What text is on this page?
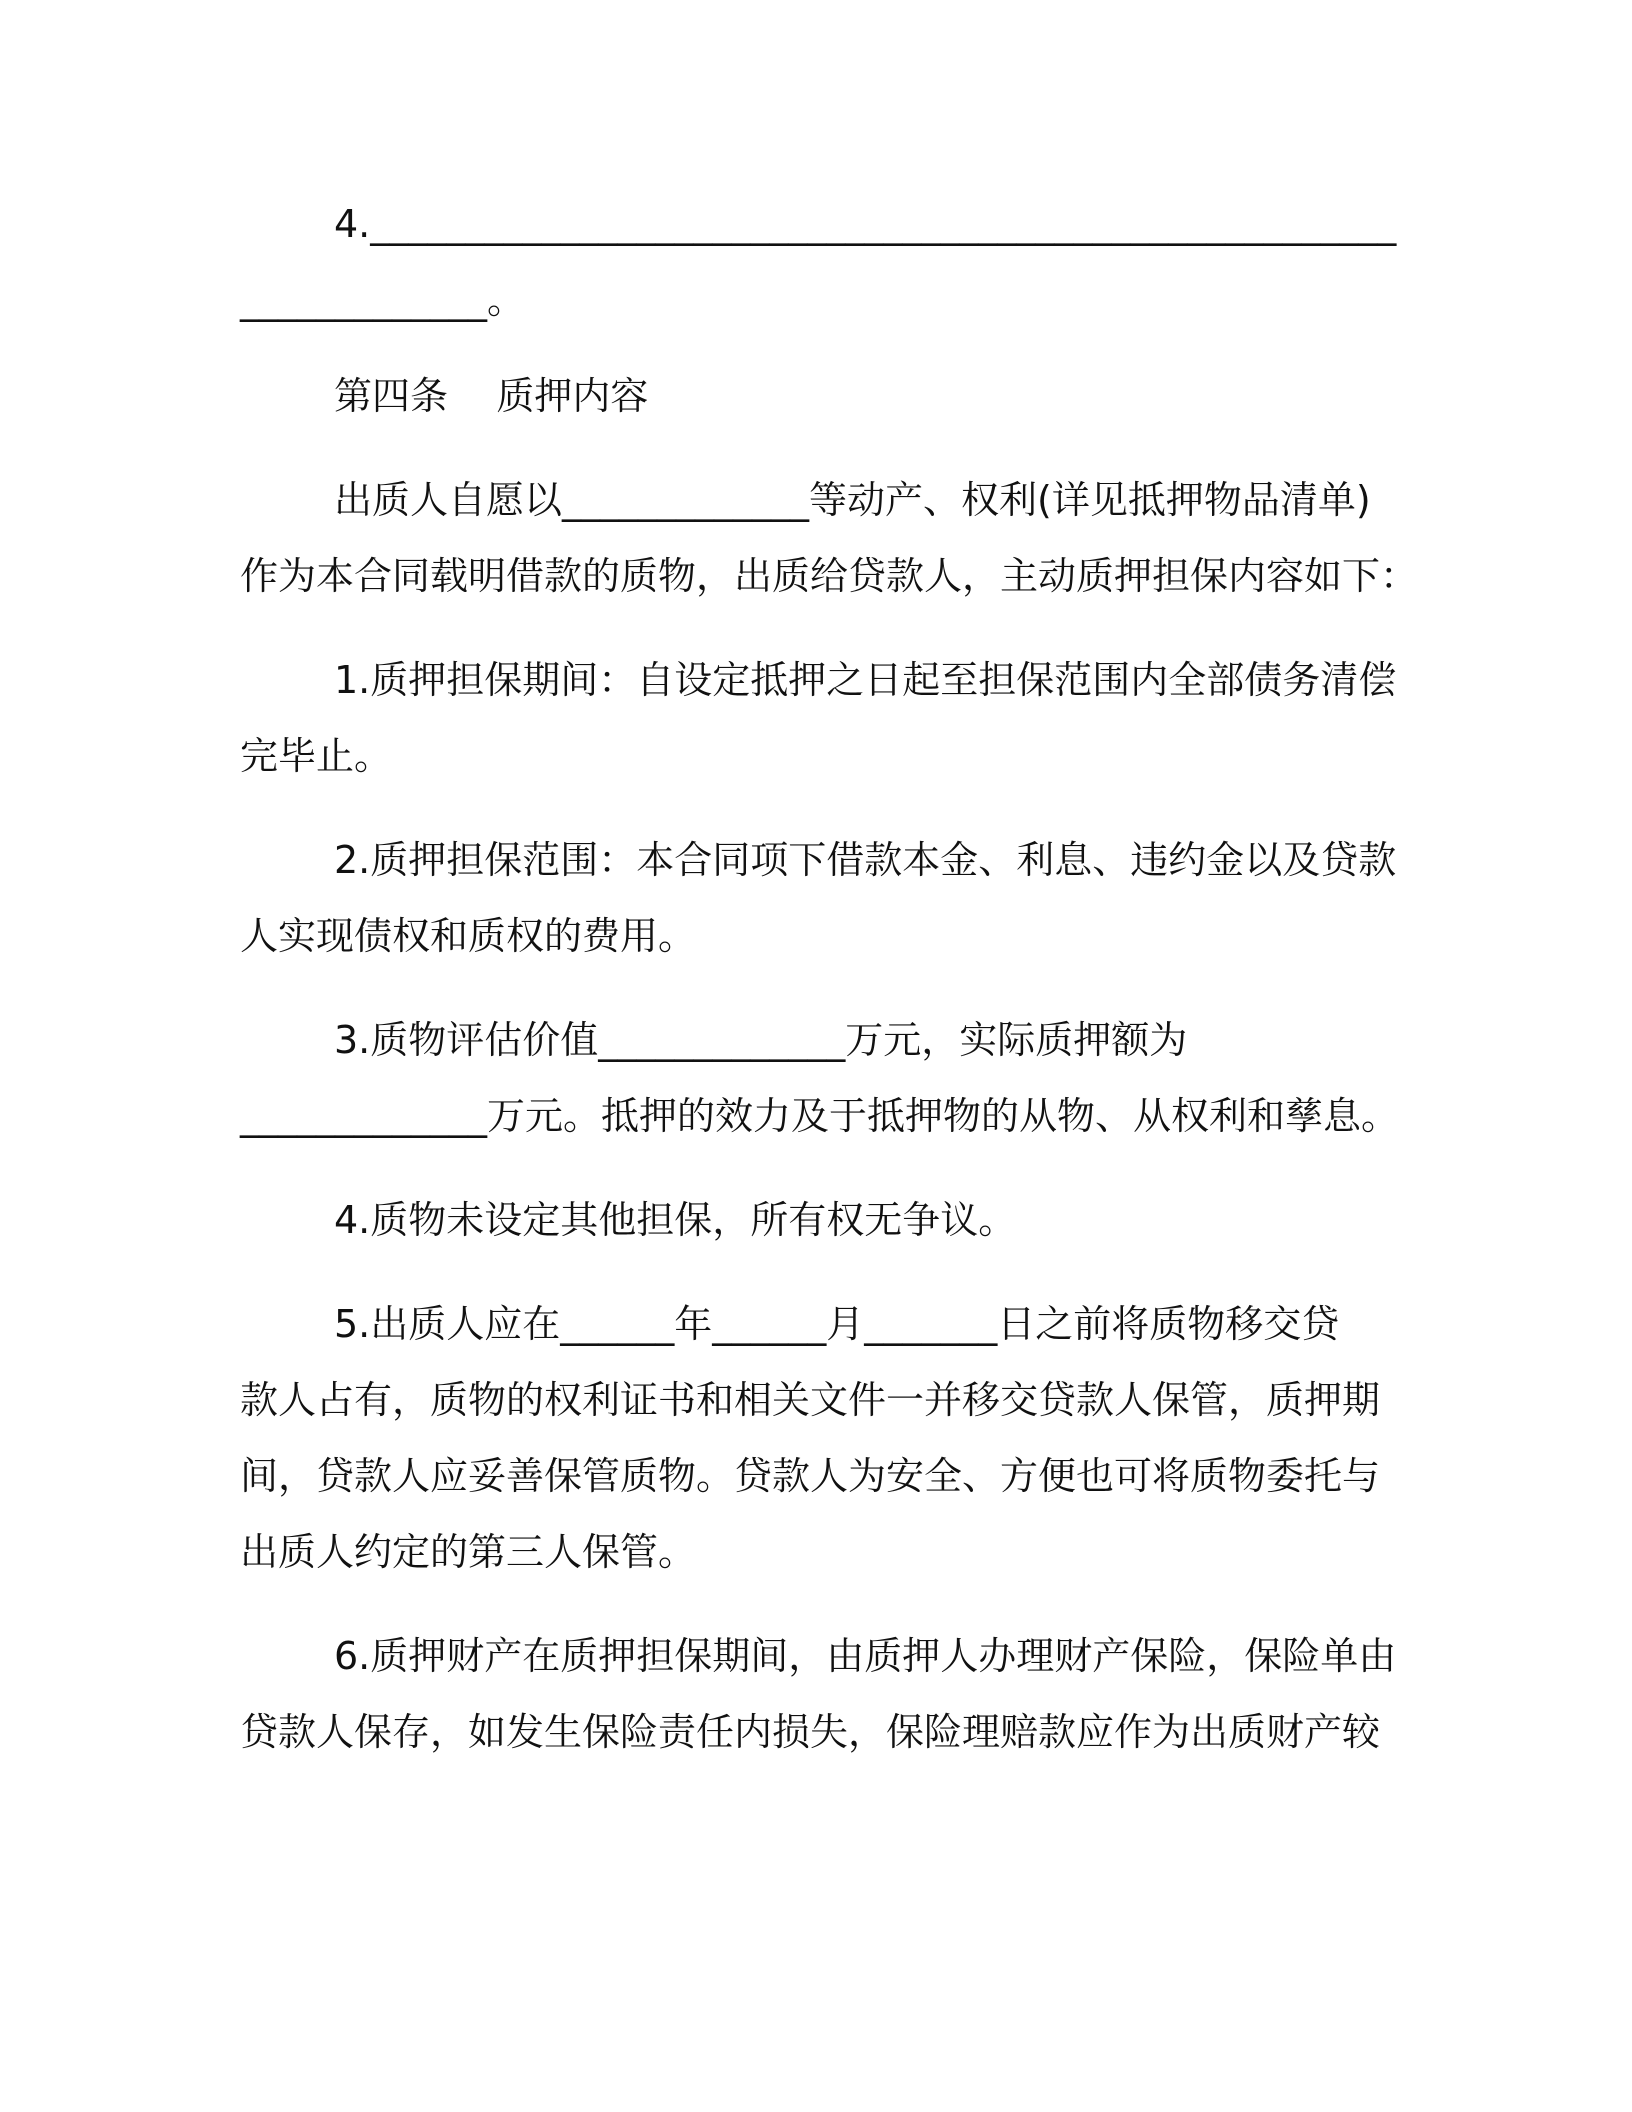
4.______________________________________________________
_____________。
第四条    质押内容
出质人自愿以_____________等动产、权利(详见抵押物品清单)
作为本合同载明借款的质物，出质给贷款人，主动质押担保内容如下：
1.质押担保期间：自设定抵押之日起至担保范围内全部债务清偿
完毕止。
2.质押担保范围：本合同项下借款本金、利息、违约金以及贷款
人实现债权和质权的费用。
3.质物评估价值_____________万元，实际质押额为
_____________万元。抵押的效力及于抵押物的从物、从权利和孳息。
4.质物未设定其他担保，所有权无争议。
5.出质人应在______年______月_______日之前将质物移交贷
款人占有，质物的权利证书和相关文件一并移交贷款人保管，质押期
间，贷款人应妥善保管质物。贷款人为安全、方便也可将质物委托与
出质人约定的第三人保管。
6.质押财产在质押担保期间，由质押人办理财产保险，保险单由
贷款人保存，如发生保险责任内损失，保险理赔款应作为出质财产较
